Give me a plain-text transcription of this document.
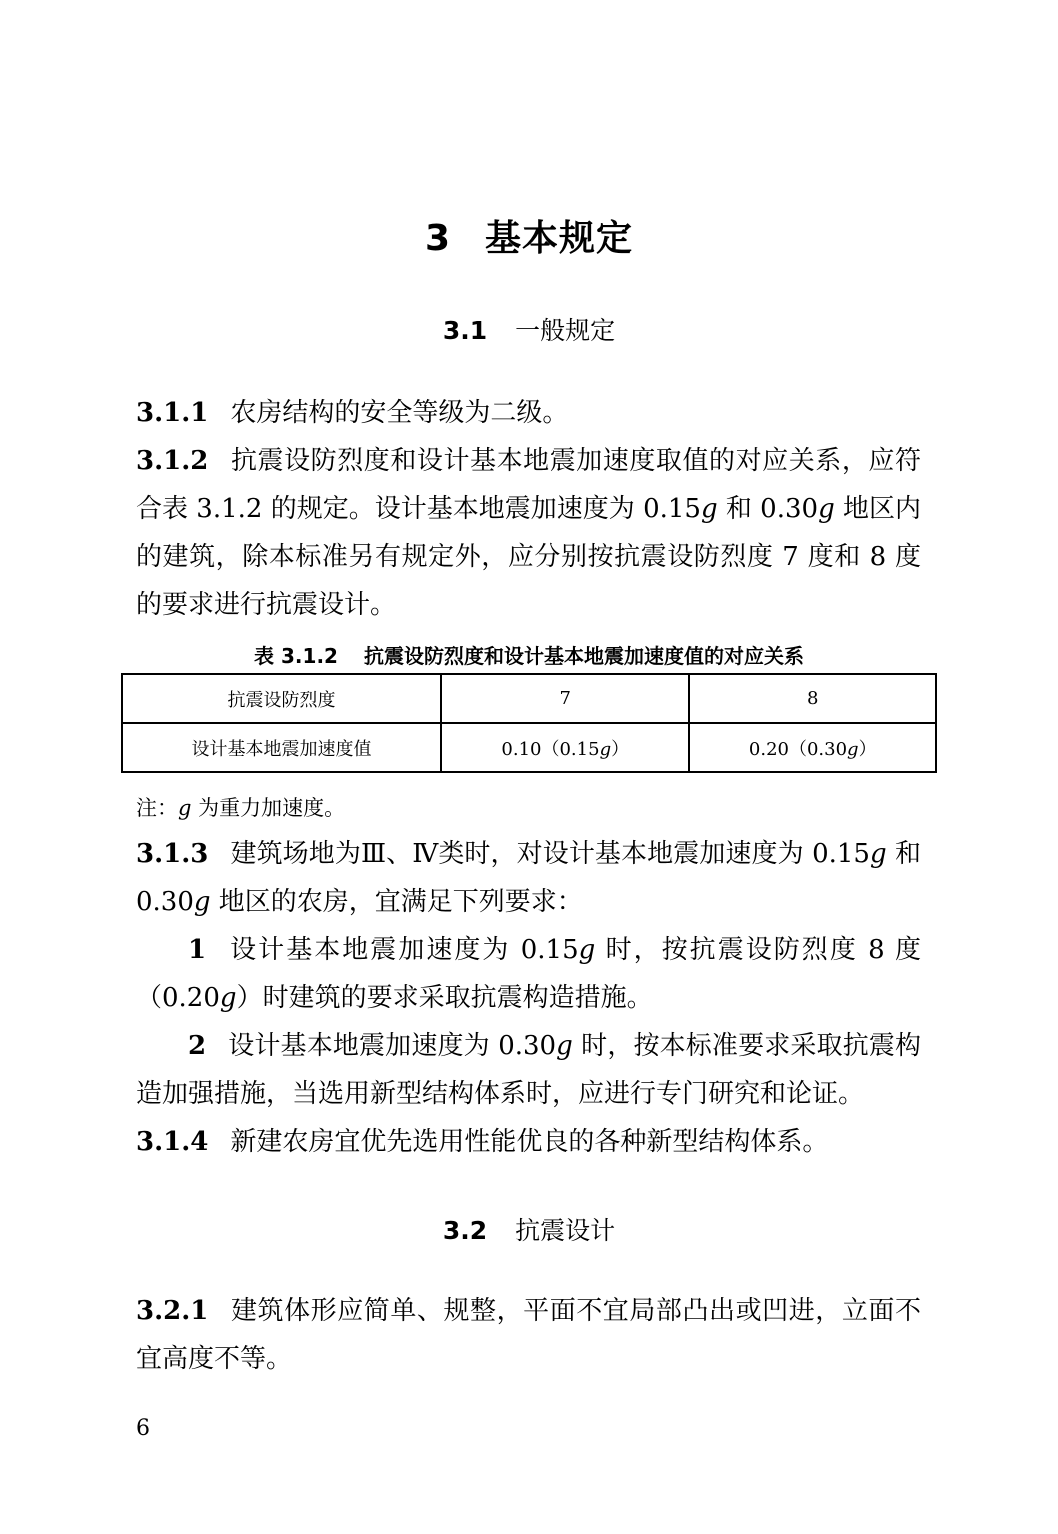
3 基本规定
3.1 一般规定
3.1.1 农房结构的安全等级为二级。
3.1.2 抗震设防烈度和设计基本地震加速度取值的对应关系，应符合表 3.1.2 的规定。设计基本地震加速度为 0.15g 和 0.30g 地区内的建筑，除本标准另有规定外，应分别按抗震设防烈度 7 度和 8 度的要求进行抗震设计。
表 3.1.2 抗震设防烈度和设计基本地震加速度值的对应关系
抗震设防烈度	7	8
设计基本地震加速度值	0.10（0.15g）	0.20（0.30g）
注：g 为重力加速度。
3.1.3 建筑场地为Ⅲ、Ⅳ类时，对设计基本地震加速度为 0.15g 和 0.30g 地区的农房，宜满足下列要求：
1 设计基本地震加速度为 0.15g 时，按抗震设防烈度 8 度（0.20g）时建筑的要求采取抗震构造措施。
2 设计基本地震加速度为 0.30g 时，按本标准要求采取抗震构造加强措施，当选用新型结构体系时，应进行专门研究和论证。
3.1.4 新建农房宜优先选用性能优良的各种新型结构体系。
3.2 抗震设计
3.2.1 建筑体形应简单、规整，平面不宜局部凸出或凹进，立面不宜高度不等。
6
